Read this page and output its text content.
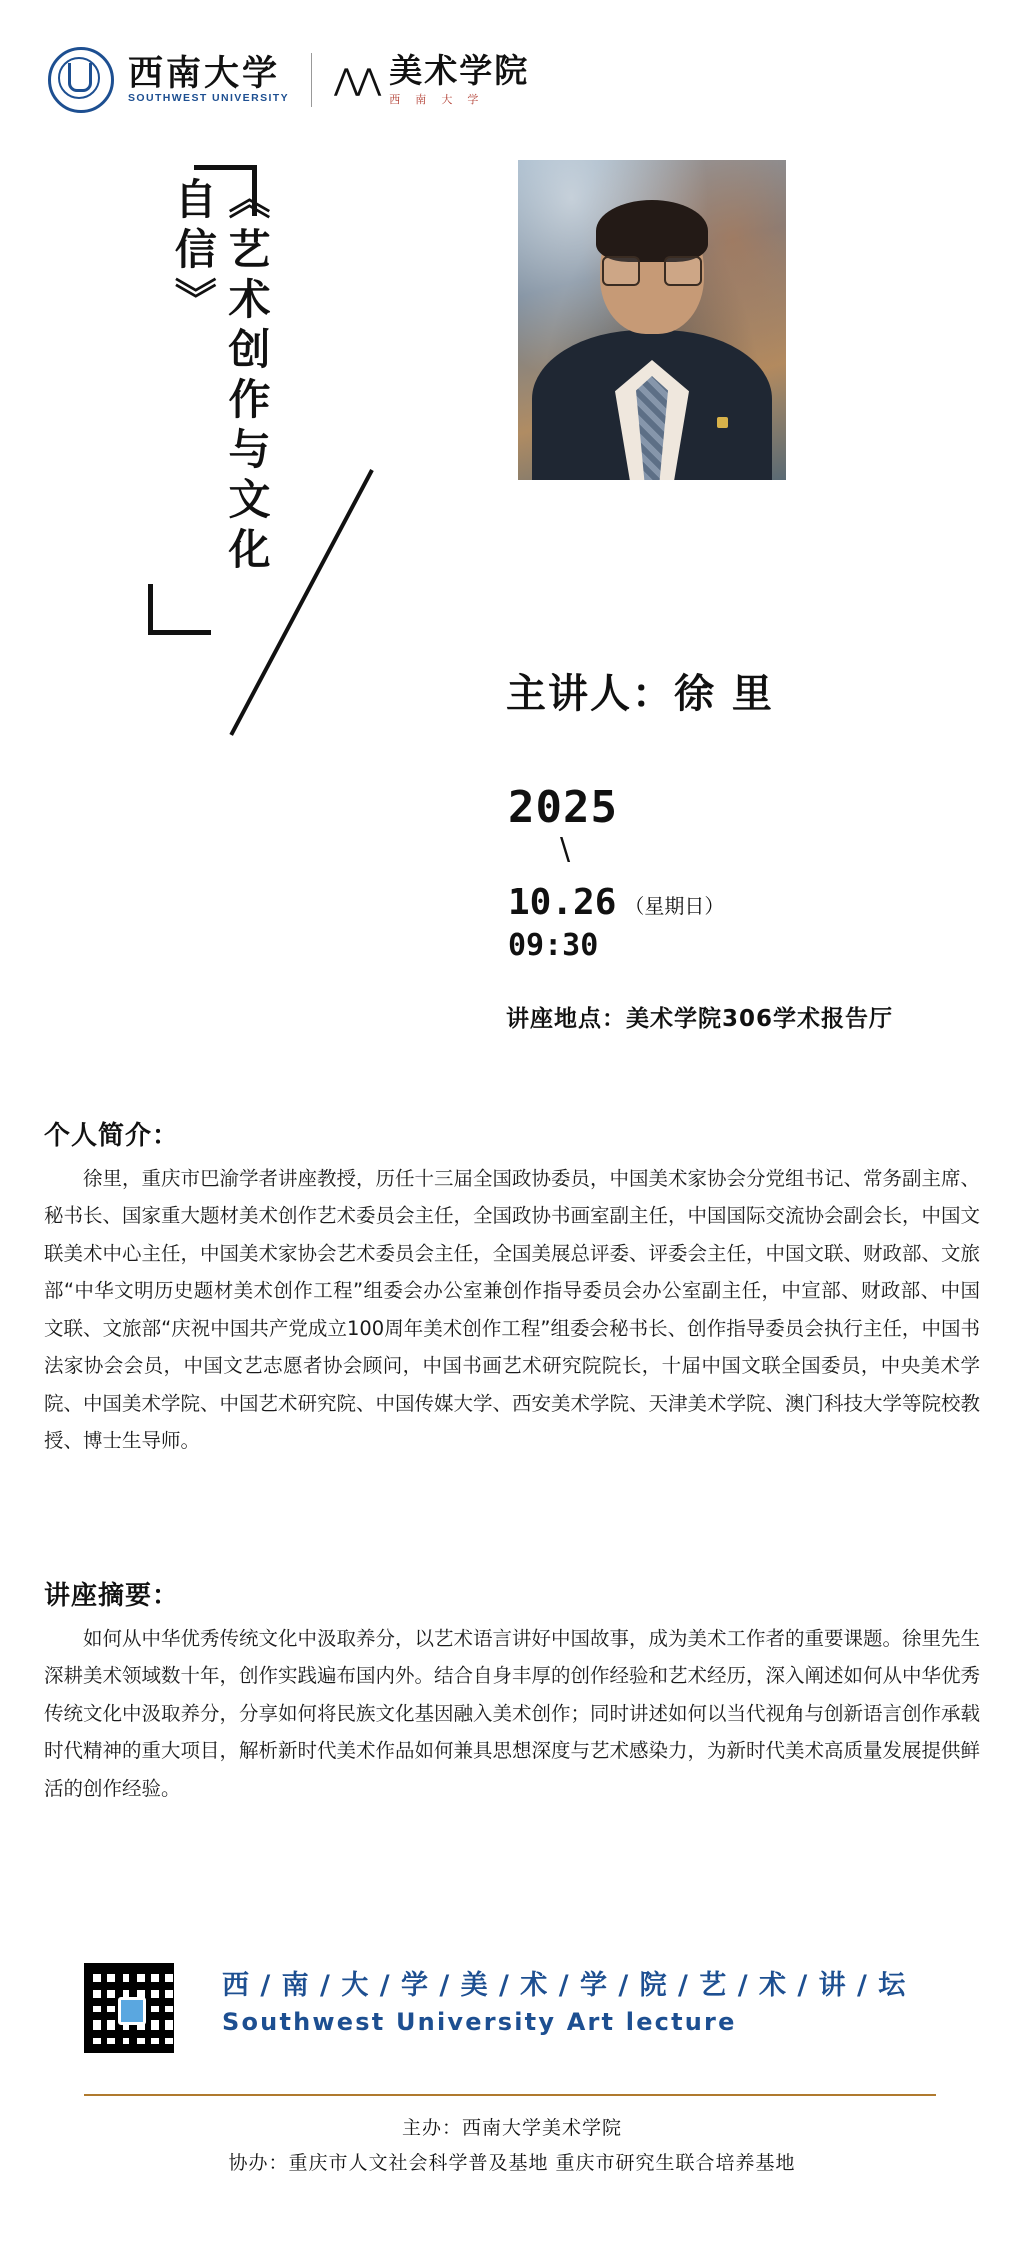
西南大学
SOUTHWEST UNIVERSITY
⋀⋀ 美术学院
西 南 大 学
《艺术创作与文化自信》
主讲人：徐 里
2025
\
10.26 （星期日）
09:30
讲座地点：美术学院306学术报告厅
个人简介：
徐里，重庆市巴渝学者讲座教授，历任十三届全国政协委员，中国美术家协会分党组书记、常务副主席、秘书长、国家重大题材美术创作艺术委员会主任，全国政协书画室副主任，中国国际交流协会副会长，中国文联美术中心主任，中国美术家协会艺术委员会主任，全国美展总评委、评委会主任，中国文联、财政部、文旅部“中华文明历史题材美术创作工程”组委会办公室兼创作指导委员会办公室副主任，中宣部、财政部、中国文联、文旅部“庆祝中国共产党成立100周年美术创作工程”组委会秘书长、创作指导委员会执行主任，中国书法家协会会员，中国文艺志愿者协会顾问，中国书画艺术研究院院长，十届中国文联全国委员，中央美术学院、中国美术学院、中国艺术研究院、中国传媒大学、西安美术学院、天津美术学院、澳门科技大学等院校教授、博士生导师。
讲座摘要：
如何从中华优秀传统文化中汲取养分，以艺术语言讲好中国故事，成为美术工作者的重要课题。徐里先生深耕美术领域数十年，创作实践遍布国内外。结合自身丰厚的创作经验和艺术经历，深入阐述如何从中华优秀传统文化中汲取养分，分享如何将民族文化基因融入美术创作；同时讲述如何以当代视角与创新语言创作承载时代精神的重大项目，解析新时代美术作品如何兼具思想深度与艺术感染力，为新时代美术高质量发展提供鲜活的创作经验。
西 / 南 / 大 / 学 / 美 / 术 / 学 / 院 / 艺 / 术 / 讲 / 坛
Southwest University Art lecture
主办：西南大学美术学院
协办：重庆市人文社会科学普及基地 重庆市研究生联合培养基地
